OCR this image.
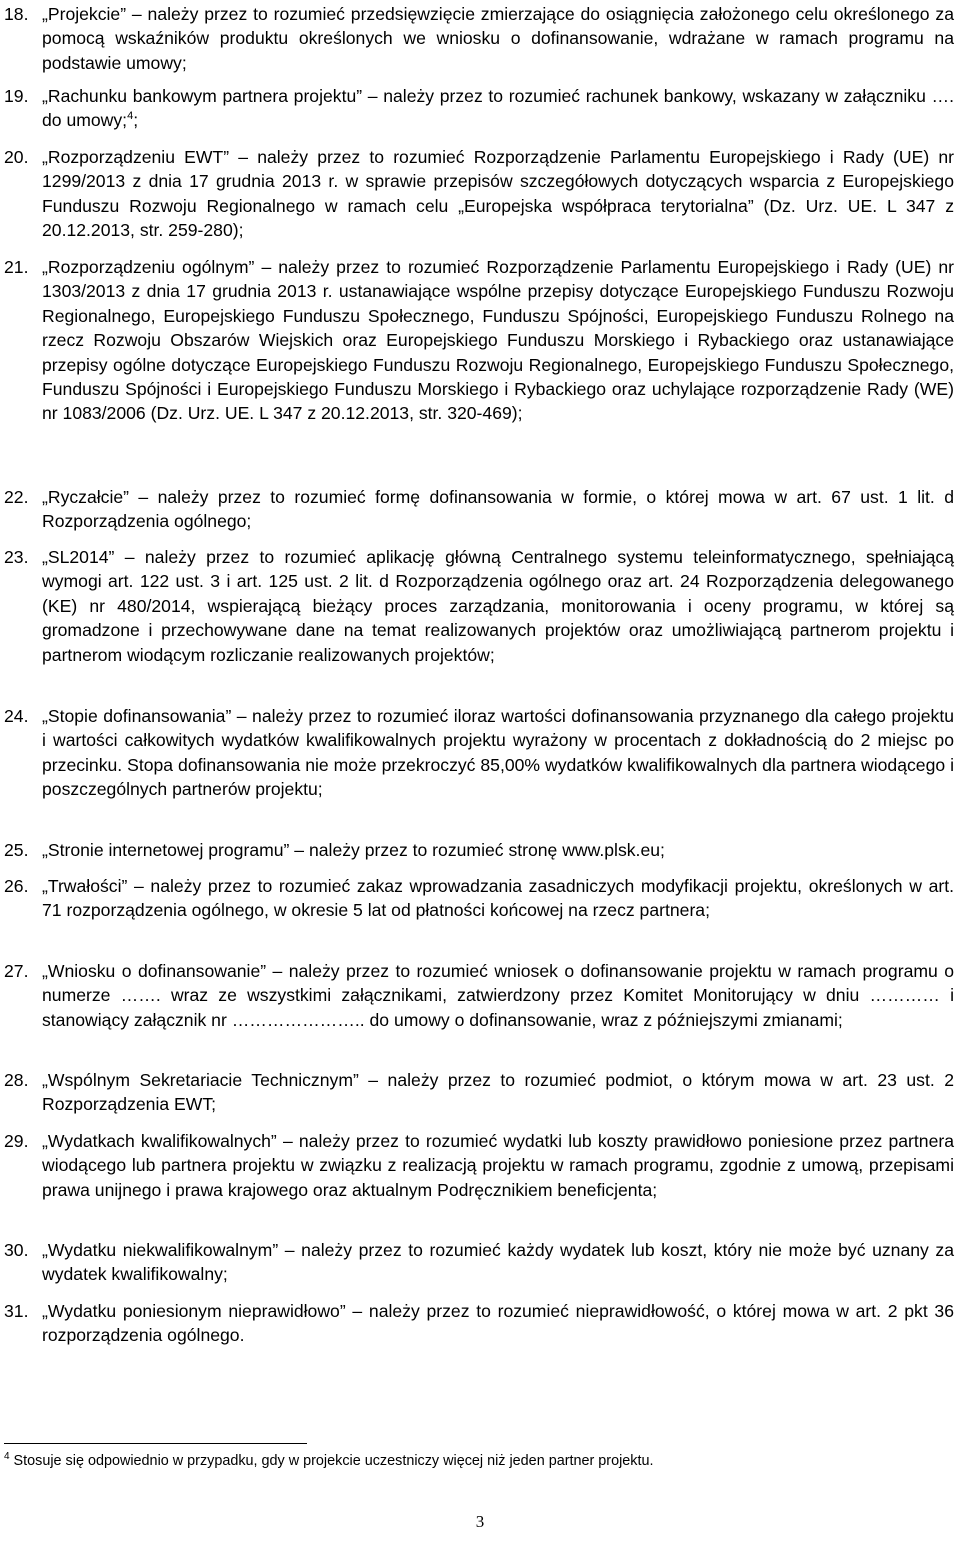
18. „Projekcie” – należy przez to rozumieć przedsięwzięcie zmierzające do osiągnięcia założonego celu określonego za pomocą wskaźników produktu określonych we wniosku o dofinansowanie, wdrażane w ramach programu na podstawie umowy;
19. „Rachunku bankowym partnera projektu” – należy przez to rozumieć rachunek bankowy, wskazany w załączniku …. do umowy;$^4$;
20. „Rozporządzeniu EWT” – należy przez to rozumieć Rozporządzenie Parlamentu Europejskiego i Rady (UE) nr 1299/2013 z dnia 17 grudnia 2013 r. w sprawie przepisów szczegółowych dotyczących wsparcia z Europejskiego Funduszu Rozwoju Regionalnego w ramach celu „Europejska współpraca terytorialna” (Dz. Urz. UE. L 347 z 20.12.2013, str. 259-280);
21. „Rozporządzeniu ogólnym” – należy przez to rozumieć Rozporządzenie Parlamentu Europejskiego i Rady (UE) nr 1303/2013 z dnia 17 grudnia 2013 r. ustanawiające wspólne przepisy dotyczące Europejskiego Funduszu Rozwoju Regionalnego, Europejskiego Funduszu Społecznego, Funduszu Spójności, Europejskiego Funduszu Rolnego na rzecz Rozwoju Obszarów Wiejskich oraz Europejskiego Funduszu Morskiego i Rybackiego oraz ustanawiające przepisy ogólne dotyczące Europejskiego Funduszu Rozwoju Regionalnego, Europejskiego Funduszu Społecznego, Funduszu Spójności i Europejskiego Funduszu Morskiego i Rybackiego oraz uchylające rozporządzenie Rady (WE) nr 1083/2006 (Dz. Urz. UE. L 347 z 20.12.2013, str. 320-469);
22. „Ryczałcie” – należy przez to rozumieć formę dofinansowania w formie, o której mowa w art. 67 ust. 1 lit. d Rozporządzenia ogólnego;
23. „SL2014” – należy przez to rozumieć aplikację główną Centralnego systemu teleinformatycznego, spełniającą wymogi art. 122 ust. 3 i art. 125 ust. 2 lit. d Rozporządzenia ogólnego oraz art. 24 Rozporządzenia delegowanego (KE) nr 480/2014, wspierającą bieżący proces zarządzania, monitorowania i oceny programu, w której są gromadzone i przechowywane dane na temat realizowanych projektów oraz umożliwiającą partnerom projektu i partnerom wiodącym rozliczanie realizowanych projektów;
24. „Stopie dofinansowania” – należy przez to rozumieć iloraz wartości dofinansowania przyznanego dla całego projektu i wartości całkowitych wydatków kwalifikowalnych projektu wyrażony w procentach z dokładnością do 2 miejsc po przecinku. Stopa dofinansowania nie może przekroczyć 85,00% wydatków kwalifikowalnych dla partnera wiodącego i poszczególnych partnerów projektu;
25. „Stronie internetowej programu” – należy przez to rozumieć stronę www.plsk.eu;
26. „Trwałości” – należy przez to rozumieć zakaz wprowadzania zasadniczych modyfikacji projektu, określonych w art. 71 rozporządzenia ogólnego, w okresie 5 lat od płatności końcowej na rzecz partnera;
27. „Wniosku o dofinansowanie” – należy przez to rozumieć wniosek o dofinansowanie projektu w ramach programu o numerze ……. wraz ze wszystkimi załącznikami, zatwierdzony przez Komitet Monitorujący w dniu ………… i stanowiący załącznik nr ………………….. do umowy o dofinansowanie, wraz z późniejszymi zmianami;
28. „Wspólnym Sekretariacie Technicznym” – należy przez to rozumieć podmiot, o którym mowa w art. 23 ust. 2 Rozporządzenia EWT;
29. „Wydatkach kwalifikowalnych” – należy przez to rozumieć wydatki lub koszty prawidłowo poniesione przez partnera wiodącego lub partnera projektu w związku z realizacją projektu w ramach programu, zgodnie z umową, przepisami prawa unijnego i prawa krajowego oraz aktualnym Podręcznikiem beneficjenta;
30. „Wydatku niekwalifikowalnym” – należy przez to rozumieć każdy wydatek lub koszt, który nie może być uznany za wydatek kwalifikowalny;
31. „Wydatku poniesionym nieprawidłowo” – należy przez to rozumieć nieprawidłowość, o której mowa w art. 2 pkt 36 rozporządzenia ogólnego.
$^4$ Stosuje się odpowiednio w przypadku, gdy w projekcie uczestniczy więcej niż jeden partner projektu.
3
